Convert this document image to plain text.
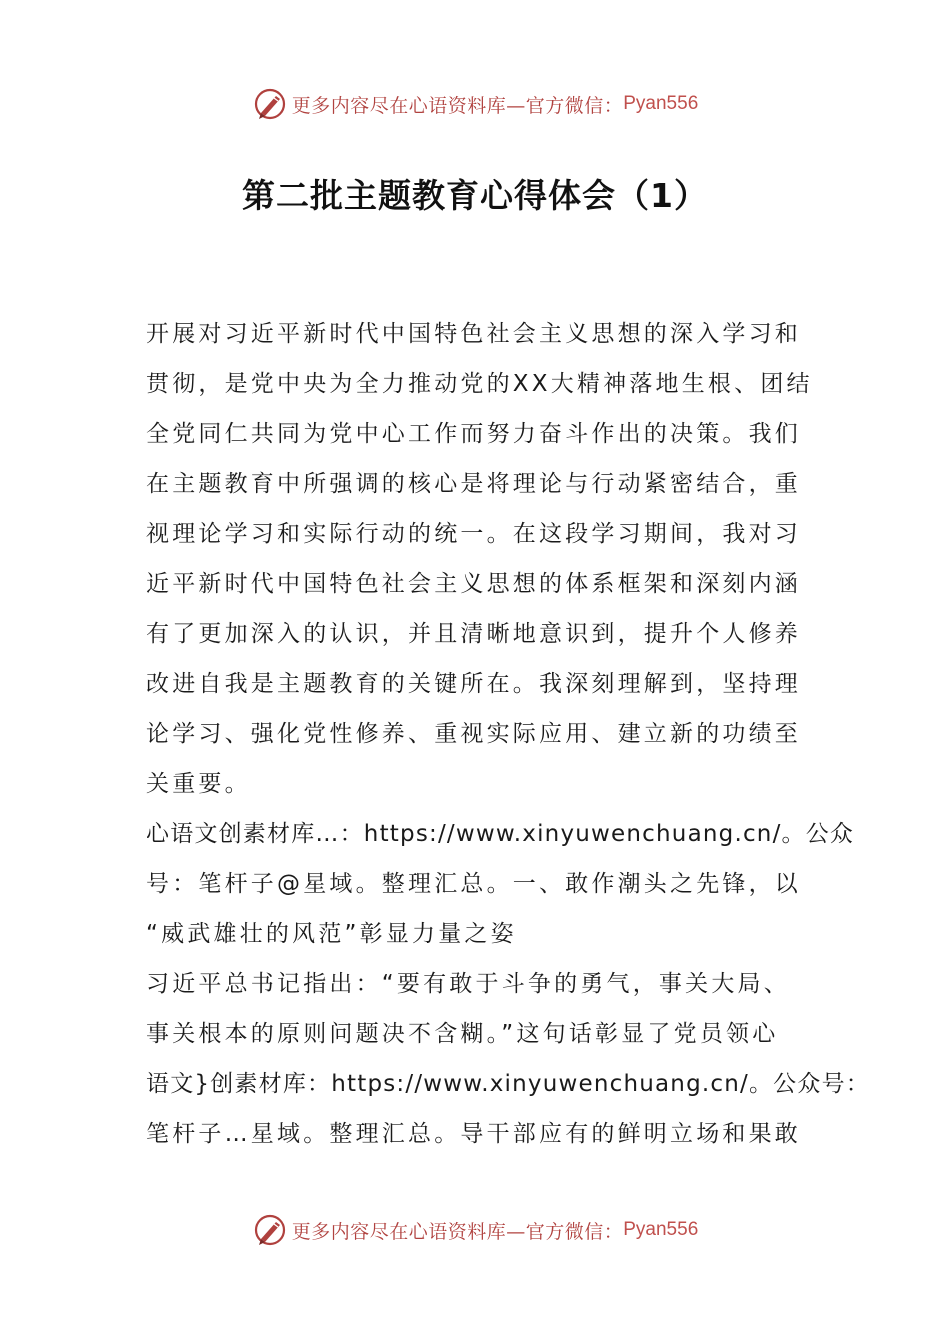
更多内容尽在心语资料库—官方微信： Pyan556
第二批主题教育心得体会（1）
开展对习近平新时代中国特色社会主义思想的深入学习和
贯彻，是党中央为全力推动党的XX大精神落地生根、团结
全党同仁共同为党中心工作而努力奋斗作出的决策。我们
在主题教育中所强调的核心是将理论与行动紧密结合，重
视理论学习和实际行动的统一。在这段学习期间，我对习
近平新时代中国特色社会主义思想的体系框架和深刻内涵
有了更加深入的认识，并且清晰地意识到，提升个人修养
改进自我是主题教育的关键所在。我深刻理解到，坚持理
论学习、强化党性修养、重视实际应用、建立新的功绩至
关重要。
心语文创素材库…：https://www.xinyuwenchuang.cn/。公众
号：笔杆子@星域。整理汇总。一、敢作潮头之先锋，以
“威武雄壮的风范”彰显力量之姿
习近平总书记指出：“要有敢于斗争的勇气，事关大局、
事关根本的原则问题决不含糊。”这句话彰显了党员领心
语文}创素材库：https://www.xinyuwenchuang.cn/。公众号：
笔杆子…星域。整理汇总。导干部应有的鲜明立场和果敢
更多内容尽在心语资料库—官方微信： Pyan556
